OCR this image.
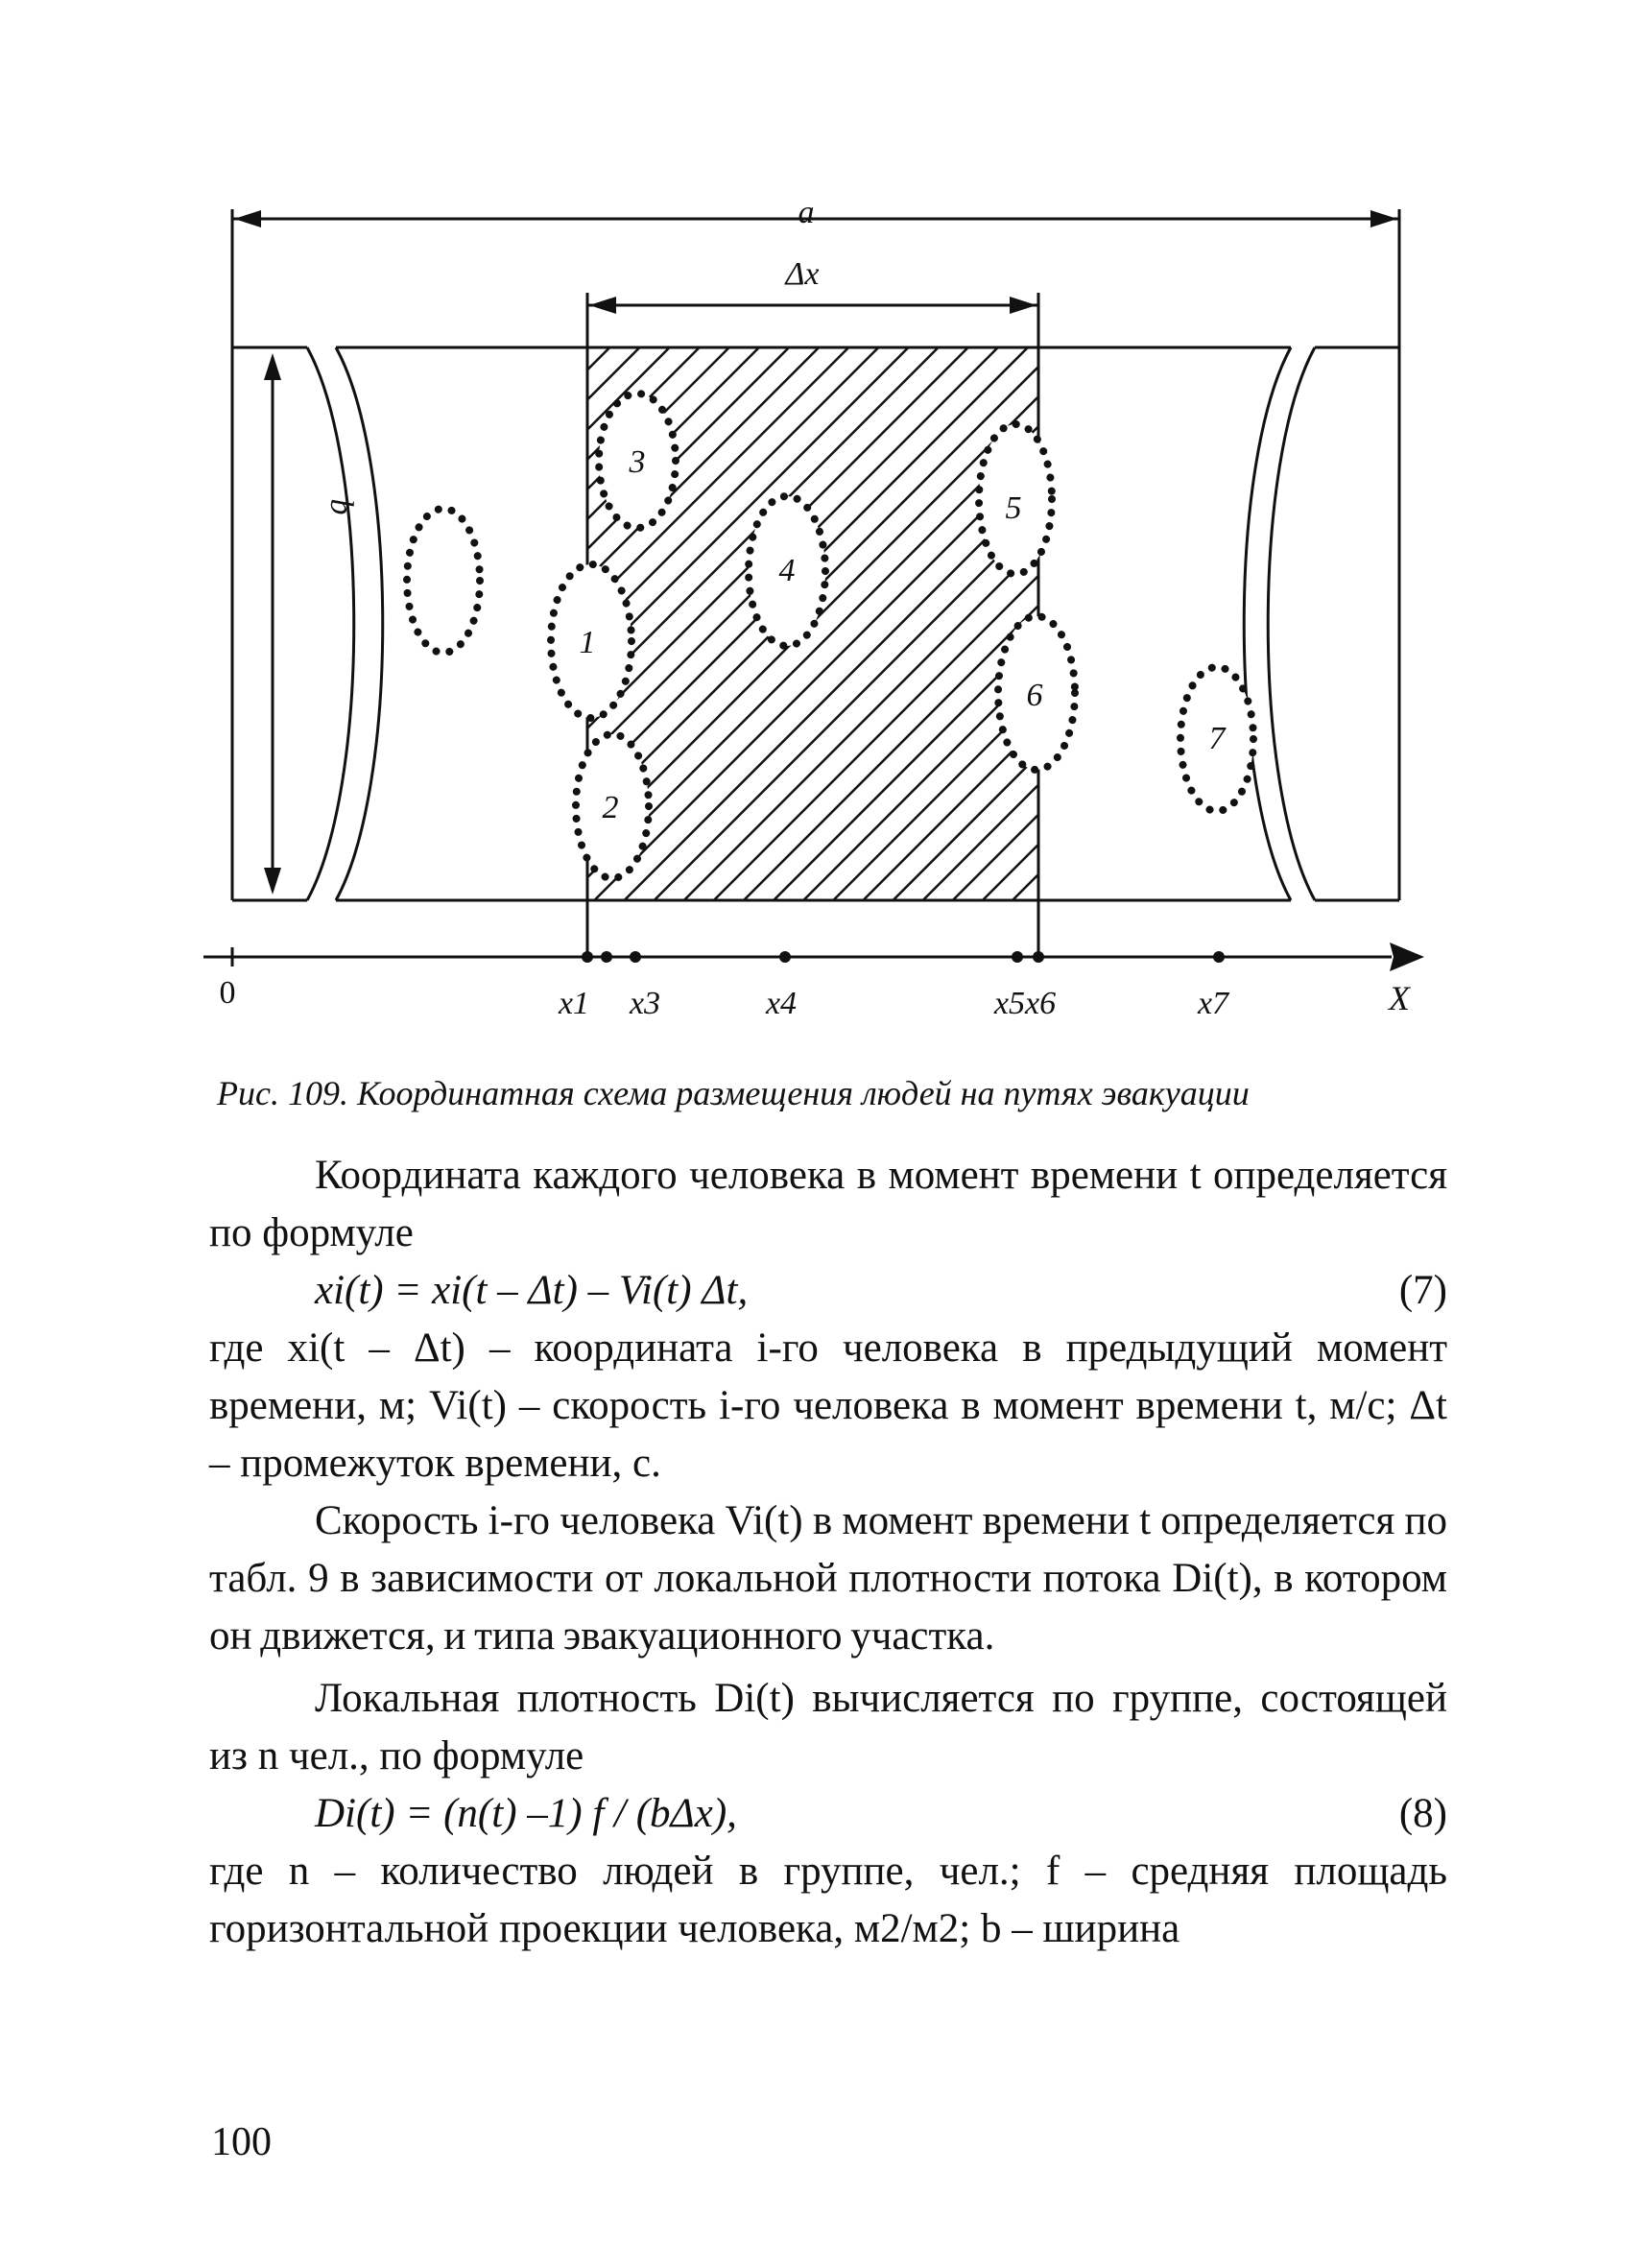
a
Δx
b
1
2
3
4
5
6
7
0	x1 x3	x4	x5x6	x7	X
Рис. 109. Координатная схема размещения людей на путях эвакуации
Координата каждого человека в момент времени t определяется по формуле
xi(t) = xi(t – Δt) – Vi(t) Δt,	(7)
где xi(t – Δt) – координата i-го человека в предыдущий момент времени, м; Vi(t) – скорость i-го человека в момент времени t, м/с; Δt – промежуток времени, с.
Скорость i-го человека Vi(t) в момент времени t определяется по табл. 9 в зависимости от локальной плотности потока Di(t), в котором он движется, и типа эвакуационного участка.
Локальная плотность Di(t) вычисляется по группе, состоящей из n чел., по формуле
Di(t) = (n(t) –1) f / (bΔx),	(8)
где n – количество людей в группе, чел.; f – средняя площадь горизонтальной проекции человека, м2/м2; b – ширина
100
